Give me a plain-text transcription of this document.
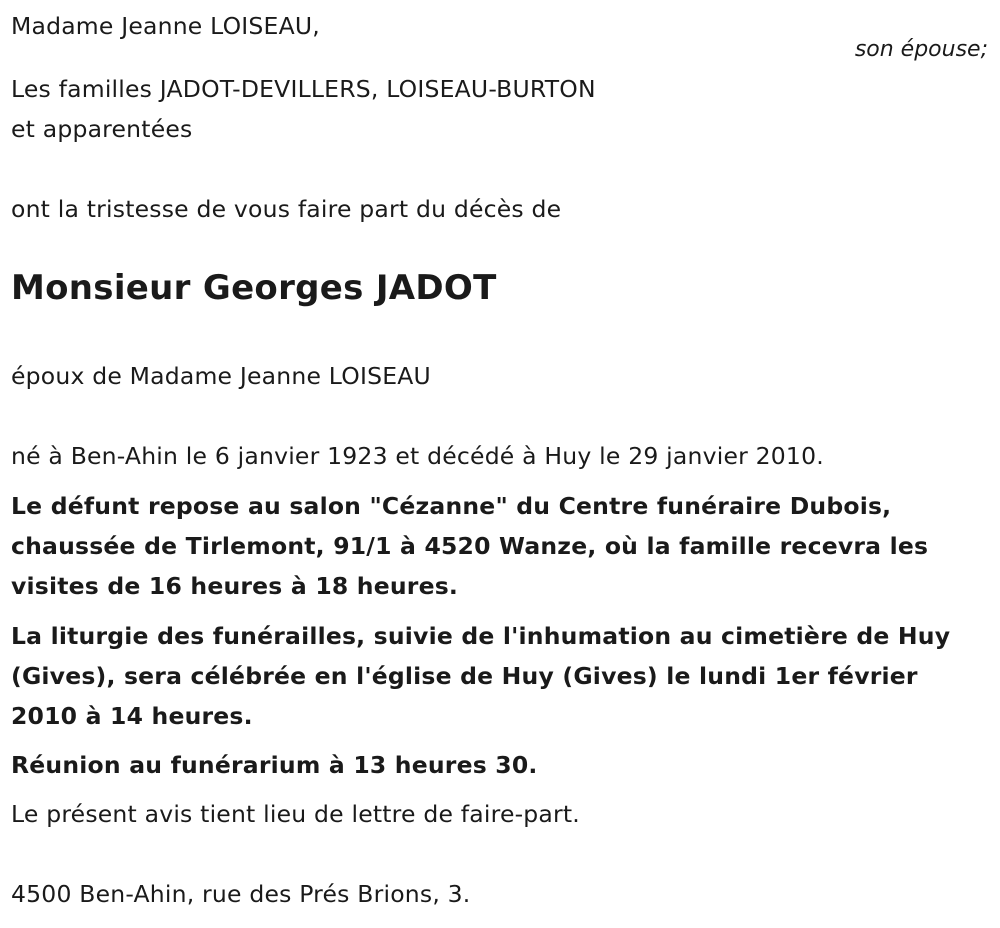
Madame Jeanne LOISEAU,
son épouse;
Les familles JADOT-DEVILLERS, LOISEAU-BURTON
et apparentées
ont la tristesse de vous faire part du décès de
Monsieur Georges JADOT
époux de Madame Jeanne LOISEAU
né à Ben-Ahin le 6 janvier 1923 et décédé à Huy le 29 janvier 2010.
Le défunt repose au salon "Cézanne" du Centre funéraire Dubois,
chaussée de Tirlemont, 91/1 à 4520 Wanze, où la famille recevra les
visites de 16 heures à 18 heures.
La liturgie des funérailles, suivie de l'inhumation au cimetière de Huy
(Gives), sera célébrée en l'église de Huy (Gives) le lundi 1er février
2010 à 14 heures.
Réunion au funérarium à 13 heures 30.
Le présent avis tient lieu de lettre de faire-part.
4500 Ben-Ahin, rue des Prés Brions, 3.
